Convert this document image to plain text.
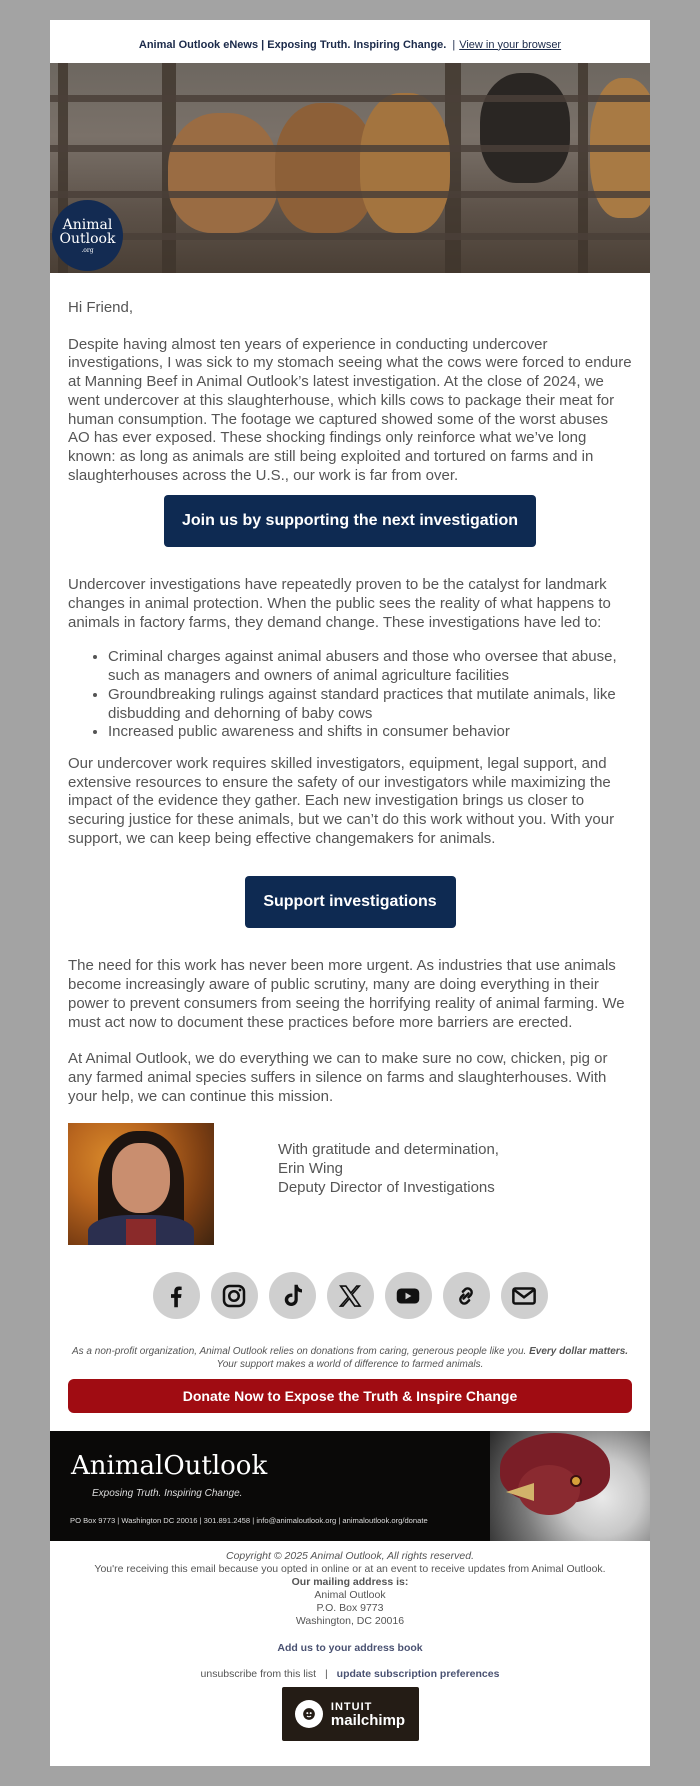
Animal Outlook eNews | Exposing Truth. Inspiring Change. | View in your browser
Animal
Outlook
.org

Hi Friend,

Despite having almost ten years of experience in conducting undercover investigations, I was sick to my stomach seeing what the cows were forced to endure at Manning Beef in Animal Outlook’s latest investigation. At the close of 2024, we went undercover at this slaughterhouse, which kills cows to package their meat for human consumption. The footage we captured showed some of the worst abuses AO has ever exposed. These shocking findings only reinforce what we’ve long known: as long as animals are still being exploited and tortured on farms and in slaughterhouses across the U.S., our work is far from over.

Join us by supporting the next investigation

Undercover investigations have repeatedly proven to be the catalyst for landmark changes in animal protection. When the public sees the reality of what happens to animals in factory farms, they demand change. These investigations have led to:

• Criminal charges against animal abusers and those who oversee that abuse, such as managers and owners of animal agriculture facilities
• Groundbreaking rulings against standard practices that mutilate animals, like disbudding and dehorning of baby cows
• Increased public awareness and shifts in consumer behavior

Our undercover work requires skilled investigators, equipment, legal support, and extensive resources to ensure the safety of our investigators while maximizing the impact of the evidence they gather. Each new investigation brings us closer to securing justice for these animals, but we can’t do this work without you. With your support, we can keep being effective changemakers for animals.

Support investigations

The need for this work has never been more urgent. As industries that use animals become increasingly aware of public scrutiny, many are doing everything in their power to prevent consumers from seeing the horrifying reality of animal farming. We must act now to document these practices before more barriers are erected.

At Animal Outlook, we do everything we can to make sure no cow, chicken, pig or any farmed animal species suffers in silence on farms and slaughterhouses. With your help, we can continue this mission.

With gratitude and determination,
Erin Wing
Deputy Director of Investigations
As a non-profit organization, Animal Outlook relies on donations from caring, generous people like you. Every dollar matters. Your support makes a world of difference to farmed animals.
Donate Now to Expose the Truth & Inspire Change
AnimalOutlook
Exposing Truth. Inspiring Change.
PO Box 9773 | Washington DC 20016 | 301.891.2458 | info@animaloutlook.org | animaloutlook.org/donate
Copyright © 2025 Animal Outlook, All rights reserved.
You're receiving this email because you opted in online or at an event to receive updates from Animal Outlook.
Our mailing address is:
Animal Outlook
P.O. Box 9773
Washington, DC 20016
Add us to your address book
unsubscribe from this list | update subscription preferences
INTUIT
mailchimp
